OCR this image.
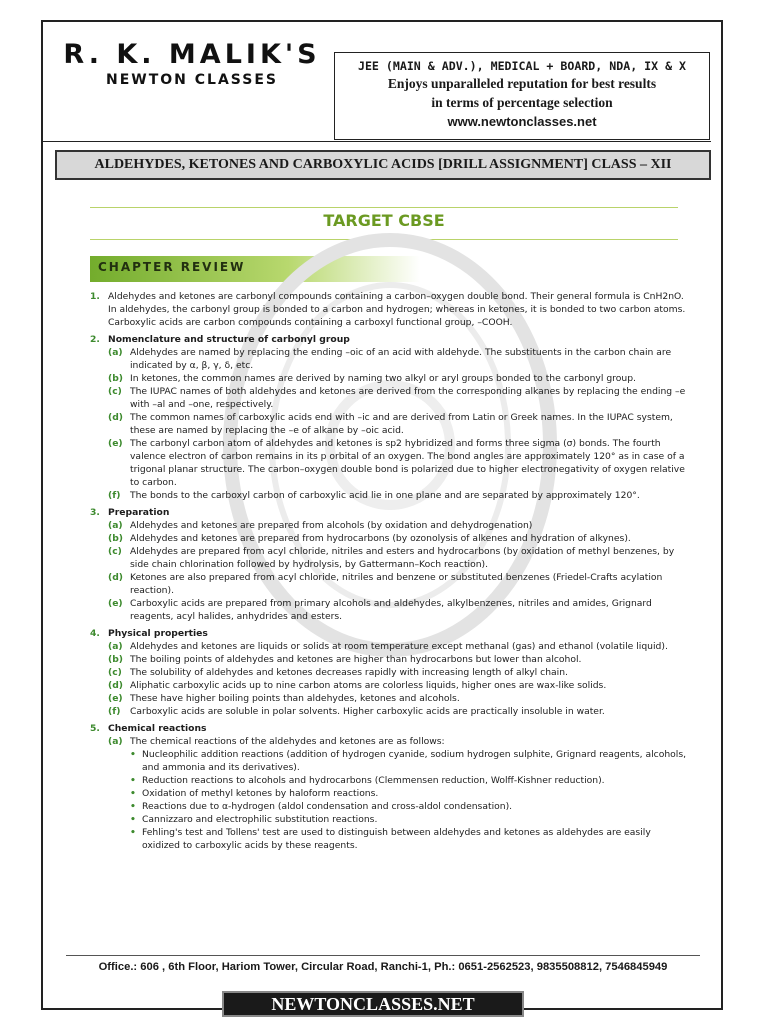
R. K. MALIK'S
NEWTON CLASSES
JEE (MAIN & ADV.), MEDICAL + BOARD, NDA, IX & X
Enjoys unparalleled reputation for best results
in terms of percentage selection
www.newtonclasses.net
ALDEHYDES, KETONES AND CARBOXYLIC ACIDS [DRILL ASSIGNMENT] CLASS – XII
TARGET CBSE
CHAPTER REVIEW
1. Aldehydes and ketones are carbonyl compounds containing a carbon–oxygen double bond. Their general formula is CnH2nO. In aldehydes, the carbonyl group is bonded to a carbon and hydrogen; whereas in ketones, it is bonded to two carbon atoms. Carboxylic acids are carbon compounds containing a carboxyl functional group, –COOH.
2. Nomenclature and structure of carbonyl group
(a) Aldehydes are named by replacing the ending –oic of an acid with aldehyde. The substituents in the carbon chain are indicated by α, β, γ, δ, etc.
(b) In ketones, the common names are derived by naming two alkyl or aryl groups bonded to the carbonyl group.
(c) The IUPAC names of both aldehydes and ketones are derived from the corresponding alkanes by replacing the ending –e with –al and –one, respectively.
(d) The common names of carboxylic acids end with –ic and are derived from Latin or Greek names. In the IUPAC system, these are named by replacing the –e of alkane by –oic acid.
(e) The carbonyl carbon atom of aldehydes and ketones is sp2 hybridized and forms three sigma (σ) bonds. The fourth valence electron of carbon remains in its p orbital of an oxygen. The bond angles are approximately 120° as in case of a trigonal planar structure. The carbon–oxygen double bond is polarized due to higher electronegativity of oxygen relative to carbon.
(f)	The bonds to the carboxyl carbon of carboxylic acid lie in one plane and are separated by approximately 120°.
3. Preparation
(a) Aldehydes and ketones are prepared from alcohols (by oxidation and dehydrogenation)
(b) Aldehydes and ketones are prepared from hydrocarbons (by ozonolysis of alkenes and hydration of alkynes).
(c) Aldehydes are prepared from acyl chloride, nitriles and esters and hydrocarbons (by oxidation of methyl benzenes, by side chain chlorination followed by hydrolysis, by Gattermann–Koch reaction).
(d) Ketones are also prepared from acyl chloride, nitriles and benzene or substituted benzenes (Friedel-Crafts acylation reaction).
(e) Carboxylic acids are prepared from primary alcohols and aldehydes, alkylbenzenes, nitriles and amides, Grignard reagents, acyl halides, anhydrides and esters.
4. Physical properties
(a) Aldehydes and ketones are liquids or solids at room temperature except methanal (gas) and ethanol (volatile liquid).
(b) The boiling points of aldehydes and ketones are higher than hydrocarbons but lower than alcohol.
(c) The solubility of aldehydes and ketones decreases rapidly with increasing length of alkyl chain.
(d) Aliphatic carboxylic acids up to nine carbon atoms are colorless liquids, higher ones are wax-like solids.
(e) These have higher boiling points than aldehydes, ketones and alcohols.
(f)	Carboxylic acids are soluble in polar solvents. Higher carboxylic acids are practically insoluble in water.
5. Chemical reactions
(a) The chemical reactions of the aldehydes and ketones are as follows:
• Nucleophilic addition reactions (addition of hydrogen cyanide, sodium hydrogen sulphite, Grignard reagents, alcohols, and ammonia and its derivatives).
• Reduction reactions to alcohols and hydrocarbons (Clemmensen reduction, Wolff-Kishner reduction).
• Oxidation of methyl ketones by haloform reactions.
• Reactions due to α-hydrogen (aldol condensation and cross-aldol condensation).
• Cannizzaro and electrophilic substitution reactions.
• Fehling's test and Tollens' test are used to distinguish between aldehydes and ketones as aldehydes are easily oxidized to carboxylic acids by these reagents.
Office.: 606 , 6th Floor, Hariom Tower, Circular Road, Ranchi-1, Ph.: 0651-2562523, 9835508812, 7546845949
NEWTONCLASSES.NET
